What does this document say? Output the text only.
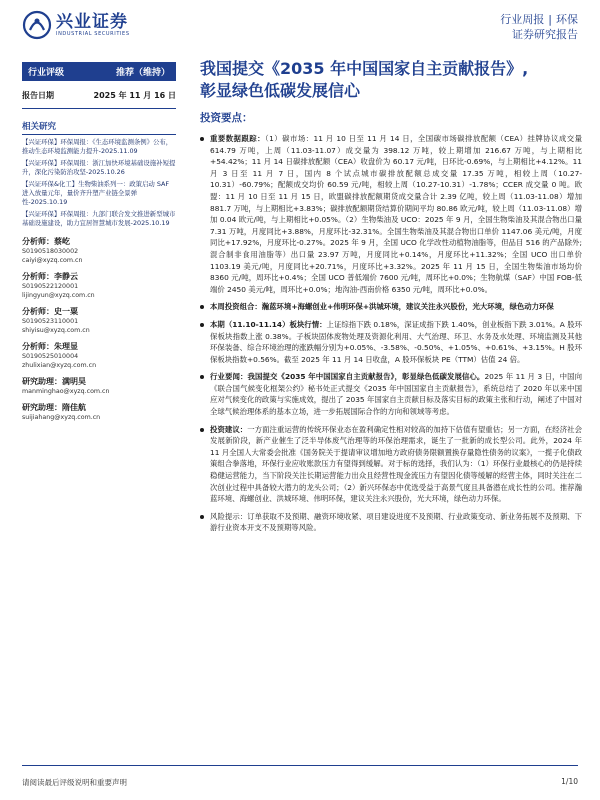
兴业证券
INDUSTRIAL SECURITIES
行业周报 | 环保
证券研究报告
行业评级	推荐（维持）
报告日期	2025 年 11 月 16 日
相关研究
【兴证环保】环保周报：《生态环境监测条例》公布，推动生态环境监测能力提升-2025.11.09
【兴证环保】环保周报：浙江加快环境基础设施补短提升，深化污染防治攻坚-2025.10.26
【兴证环保&化工】生物柴油系列一：政策启动 SAF 进入放量元年，量价齐升塑产业链全景弹性-2025.10.19
【兴证环保】环保周报：九部门联合发文推进新型城市基础设施建设，助力宜居智慧城市发展-2025.10.19
分析师：蔡屹
S0190518030002
caiyi@xyzq.com.cn
分析师：李静云
S0190522120001
lijingyun@xyzq.com.cn
分析师：史一粟
S0190523110001
shiyisu@xyzq.com.cn
分析师：朱理显
S0190525010004
zhulixian@xyzq.com.cn
研究助理：满明昊
manminghao@xyzq.com.cn
研究助理：隋佳航
suijiahang@xyzq.com.cn
我国提交《2035 年中国国家自主贡献报告》,
彰显绿色低碳发展信心
投资要点：
重要数据跟踪：（1）碳市场：11 月 10 日至 11 月 14 日，全国碳市场碳排放配额（CEA）挂牌协议成交量 614.79 万吨，上周（11.03-11.07）成交量为 398.12 万吨，较上期增加 216.67 万吨，与上期相比+54.42%；11 月 14 日碳排放配额（CEA）收盘价为 60.17 元/吨，日环比-0.69%，与上期相比+4.12%。11 月 3 日至 11 月 7 日，国内 8 个试点城市碳排放配额总成交量 17.35 万吨，相较上周（10.27-10.31）-60.79%；配额成交均价 60.59 元/吨，相较上周（10.27-10.31）-1.78%；CCER 成交量 0 吨。欧盟：11 月 10 日至 11 月 15 日，欧盟碳排放配额期货成交量合计 2.39 亿吨，较上周（11.03-11.08）增加 881.7 万吨，与上期相比+3.83%；碳排放配额期货结算价期间平均 80.86 欧元/吨，较上周（11.03-11.08）增加 0.04 欧元/吨，与上期相比+0.05%。（2）生物柴油及 UCO：2025 年 9 月，全国生物柴油及其混合物出口量 7.31 万吨，月度同比+3.88%，月度环比-32.31%。全国生物柴油及其混合物出口单价 1147.06 美元/吨，月度同比+17.92%，月度环比-0.27%。2025 年 9 月，全国 UCO 化学改性动植物油脂等，但品目 516 的产品除外;混合制非食用油脂等）出口量 23.97 万吨，月度同比+0.14%，月度环比+11.32%；全国 UCO 出口单价 1103.19 美元/吨，月度同比+20.71%，月度环比+3.32%。2025 年 11 月 15 日，全国生物柴油市场均价 8360 元/吨，周环比+0.4%；全国 UCO 普低端价 7600 元/吨，周环比+0.0%；生物航煤（SAF）中国 FOB-低端价 2450 美元/吨，周环比+0.0%；地沟油-西南价格 6350 元/吨，周环比+0.0%。
本周投资组合：瀚蓝环境+海螺创业+伟明环保+洪城环境，建议关注永兴股份，光大环境，绿色动力环保
本期（11.10-11.14）板块行情：上证综指下跌 0.18%，深证成指下跌 1.40%，创业板指下跌 3.01%。A 股环保板块指数上涨 0.38%。子板块固体废物处理及资源化利用、大气治理、环卫、水务及水处理、环境监测及其他环保装备、综合环境治理的涨跌幅分别为+0.05%、-3.58%、-0.50%、+1.05%、+0.61%、+3.15%。H 股环保板块指数+0.56%。截至 2025 年 11 月 14 日收盘，A 股环保板块 PE（TTM）估值 24 倍。
行业要闻：我国提交《2035 年中国国家自主贡献报告》，彰显绿色低碳发展信心。2025 年 11 月 3 日，中国向《联合国气候变化框架公约》秘书处正式提交《2035 年中国国家自主贡献报告》，系统总结了 2020 年以来中国应对气候变化的政策与实施成效，提出了 2035 年国家自主贡献目标及落实目标的政策主张和行动，阐述了中国对全球气候治理体系的基本立场，进一步拓展国际合作的方向和领域等考虑。
投资建议：一方面注重运营的传统环保业态在盈利确定性相对较高的加持下估值有望重估；另一方面，在经济社会发展新阶段，新产业催生了泛半导体废气治理等的环保治理需求，诞生了一批新的成长型公司。此外，2024 年 11 月全国人大常委会批准《国务院关于提请审议增加地方政府债务限额置换存量隐性债务的议案》，一揽子化债政策组合拳落地，环保行业应收账款压力有望得到缓解。对于标的选择，我们认为：（1）环保行业最核心的仍是持续稳健运营能力，当下阶段关注长期运营能力出众且经营性现金流压力有望因化债等缓解的经营主体，同时关注在二次创业过程中具备较大潜力的龙头公司；（2）新兴环保态中优选受益于高景气度且具备潜在成长性的公司。推荐瀚蓝环境、海螺创业、洪城环境、伟明环保，建议关注永兴股份，光大环境，绿色动力环保。
风险提示：订单获取不及预期、融资环境收紧、项目建设进度不及预期、行业政策变动、新业务拓展不及预期、下游行业资本开支不及预期等风险。
请阅读最后评级说明和重要声明	1/10
